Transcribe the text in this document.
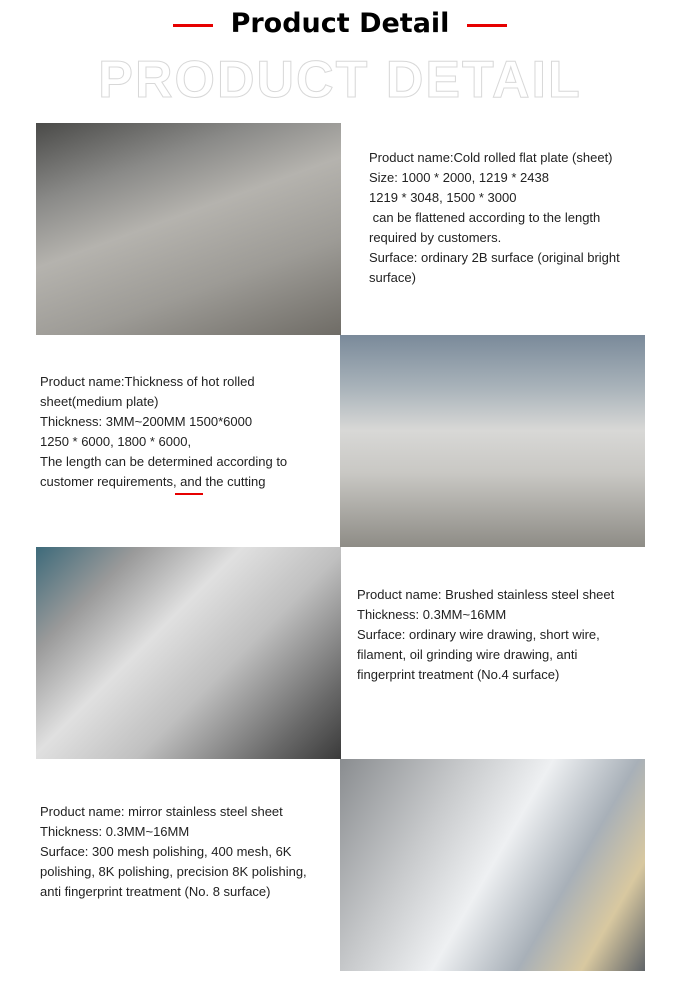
Product Detail
PRODUCT DETAIL
Product name:Cold rolled flat plate (sheet)
Size: 1000 * 2000, 1219 * 2438
1219 * 3048, 1500 * 3000
can be flattened according to the length
required by customers.
Surface: ordinary 2B surface (original bright
surface)
Product name:Thickness of hot rolled
sheet(medium plate)
Thickness: 3MM~200MM 1500*6000
1250 * 6000, 1800 * 6000,
The length can be determined according to
customer requirements, and the cutting
Product name: Brushed stainless steel sheet
Thickness: 0.3MM~16MM
Surface: ordinary wire drawing, short wire,
filament, oil grinding wire drawing, anti
fingerprint treatment (No.4 surface)
Product name: mirror stainless steel sheet
Thickness: 0.3MM~16MM
Surface: 300 mesh polishing, 400 mesh, 6K
polishing, 8K polishing, precision 8K polishing,
anti fingerprint treatment (No. 8 surface)
